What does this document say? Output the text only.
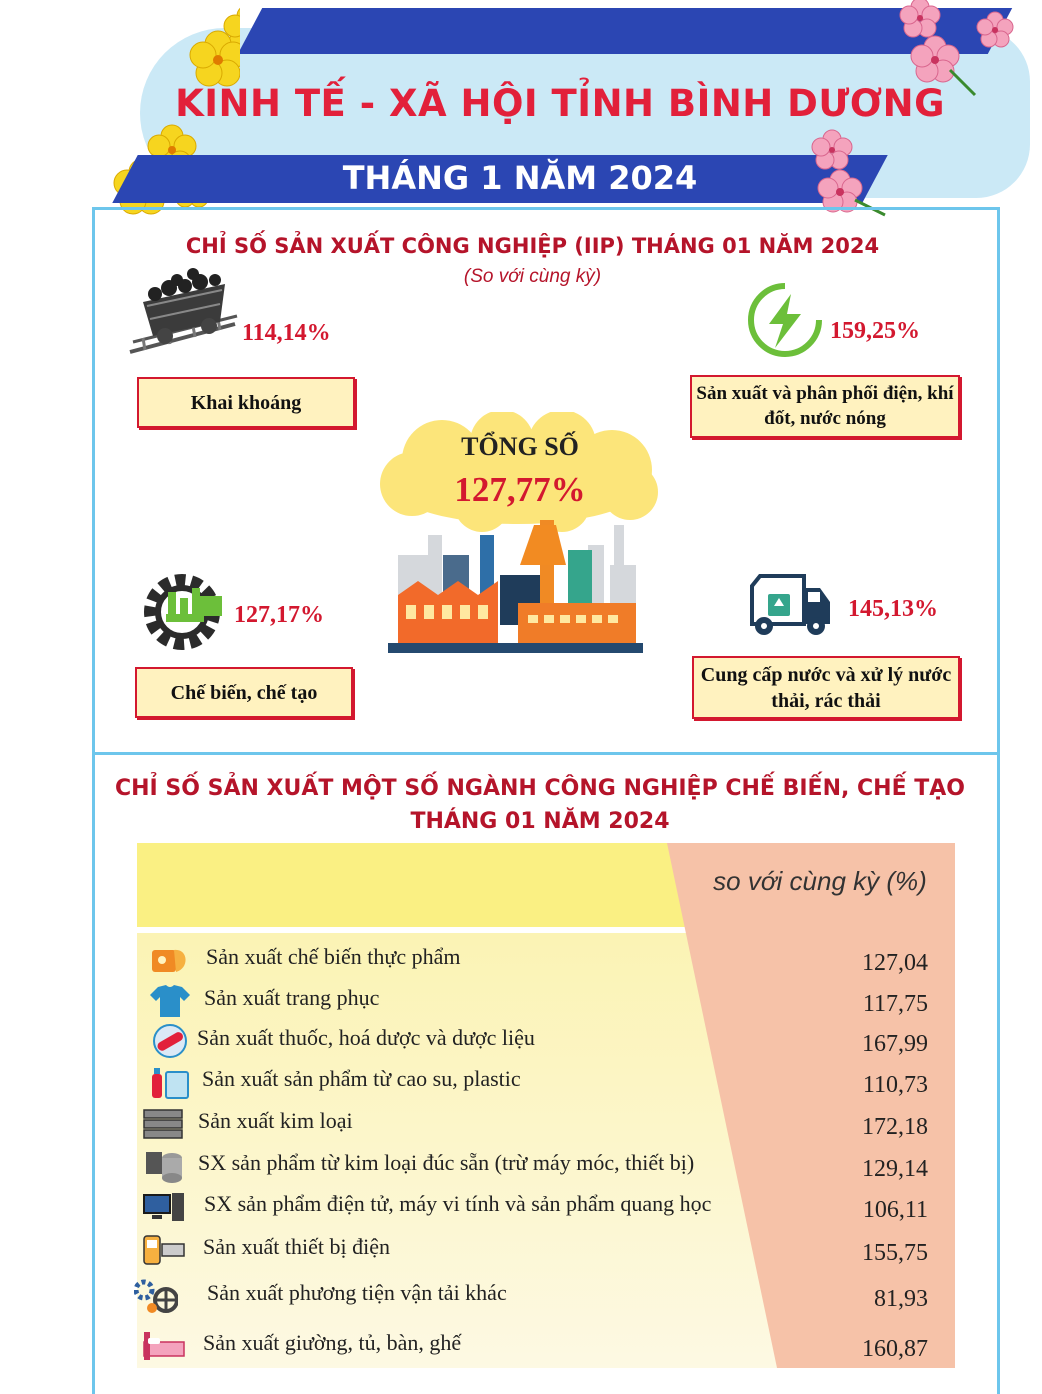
KINH TẾ - XÃ HỘI TỈNH BÌNH DƯƠNG
THÁNG 1 NĂM 2024
CHỈ SỐ SẢN XUẤT CÔNG NGHIỆP (IIP) THÁNG 01 NĂM 2024
(So với cùng kỳ)
114,14%
Khai khoáng
159,25%
Sản xuất và phân phối điện, khí đốt, nước nóng
TỔNG SỐ
127,77%
127,17%
Chế biến, chế tạo
145,13%
Cung cấp nước và xử lý nước thải, rác thải
CHỈ SỐ SẢN XUẤT MỘT SỐ NGÀNH CÔNG NGHIỆP CHẾ BIẾN, CHẾ TẠO
THÁNG 01 NĂM 2024
so với cùng kỳ (%)
Sản xuất chế biến thực phẩm	127,04
Sản xuất trang phục	117,75
Sản xuất thuốc, hoá dược và dược liệu	167,99
Sản xuất sản phẩm từ cao su, plastic	110,73
Sản xuất kim loại	172,18
SX sản phẩm từ kim loại đúc sẵn (trừ máy móc, thiết bị)	129,14
SX sản phẩm điện tử, máy vi tính và sản phẩm quang học	106,11
Sản xuất thiết bị điện	155,75
Sản xuất phương tiện vận tải khác	81,93
Sản xuất giường, tủ, bàn, ghế	160,87
